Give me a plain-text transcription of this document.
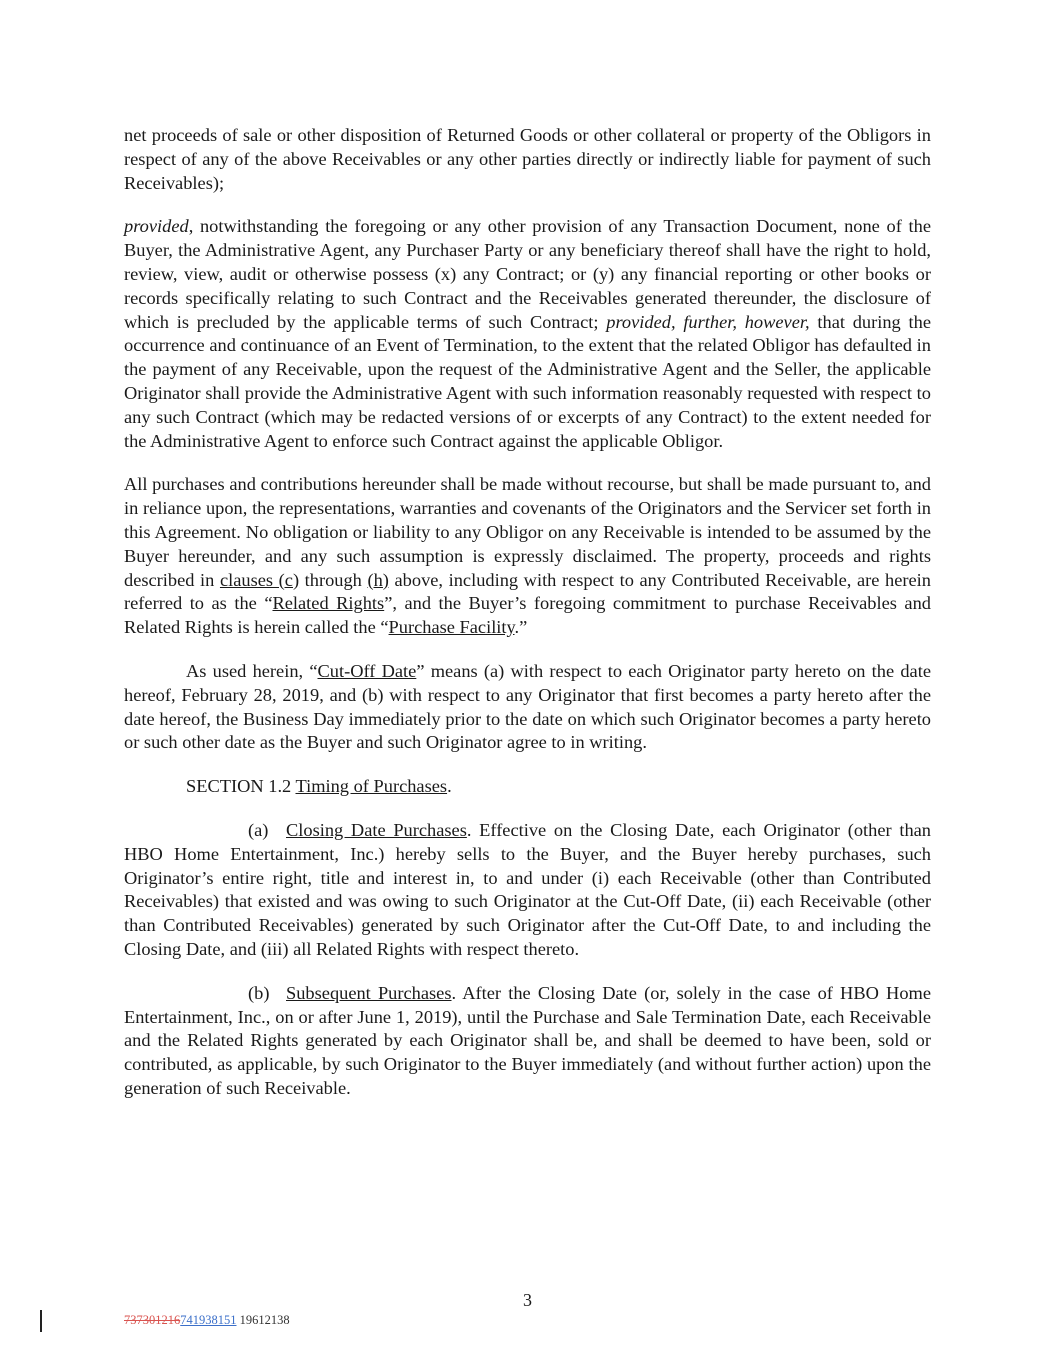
net proceeds of sale or other disposition of Returned Goods or other collateral or property of the Obligors in respect of any of the above Receivables or any other parties directly or indirectly liable for payment of such Receivables);

provided, notwithstanding the foregoing or any other provision of any Transaction Document, none of the Buyer, the Administrative Agent, any Purchaser Party or any beneficiary thereof shall have the right to hold, review, view, audit or otherwise possess (x) any Contract; or (y) any financial reporting or other books or records specifically relating to such Contract and the Receivables generated thereunder, the disclosure of which is precluded by the applicable terms of such Contract; provided, further, however, that during the occurrence and continuance of an Event of Termination, to the extent that the related Obligor has defaulted in the payment of any Receivable, upon the request of the Administrative Agent and the Seller, the applicable Originator shall provide the Administrative Agent with such information reasonably requested with respect to any such Contract (which may be redacted versions of or excerpts of any Contract) to the extent needed for the Administrative Agent to enforce such Contract against the applicable Obligor.

All purchases and contributions hereunder shall be made without recourse, but shall be made pursuant to, and in reliance upon, the representations, warranties and covenants of the Originators and the Servicer set forth in this Agreement. No obligation or liability to any Obligor on any Receivable is intended to be assumed by the Buyer hereunder, and any such assumption is expressly disclaimed. The property, proceeds and rights described in clauses (c) through (h) above, including with respect to any Contributed Receivable, are herein referred to as the “Related Rights”, and the Buyer’s foregoing commitment to purchase Receivables and Related Rights is herein called the “Purchase Facility.”

As used herein, “Cut-Off Date” means (a) with respect to each Originator party hereto on the date hereof, February 28, 2019, and (b) with respect to any Originator that first becomes a party hereto after the date hereof, the Business Day immediately prior to the date on which such Originator becomes a party hereto or such other date as the Buyer and such Originator agree to in writing.

SECTION 1.2 Timing of Purchases.

(a) Closing Date Purchases. Effective on the Closing Date, each Originator (other than HBO Home Entertainment, Inc.) hereby sells to the Buyer, and the Buyer hereby purchases, such Originator’s entire right, title and interest in, to and under (i) each Receivable (other than Contributed Receivables) that existed and was owing to such Originator at the Cut-Off Date, (ii) each Receivable (other than Contributed Receivables) generated by such Originator after the Cut-Off Date, to and including the Closing Date, and (iii) all Related Rights with respect thereto.

(b) Subsequent Purchases. After the Closing Date (or, solely in the case of HBO Home Entertainment, Inc., on or after June 1, 2019), until the Purchase and Sale Termination Date, each Receivable and the Related Rights generated by each Originator shall be, and shall be deemed to have been, sold or contributed, as applicable, by such Originator to the Buyer immediately (and without further action) upon the generation of such Receivable.

3
737301216741938151 19612138
